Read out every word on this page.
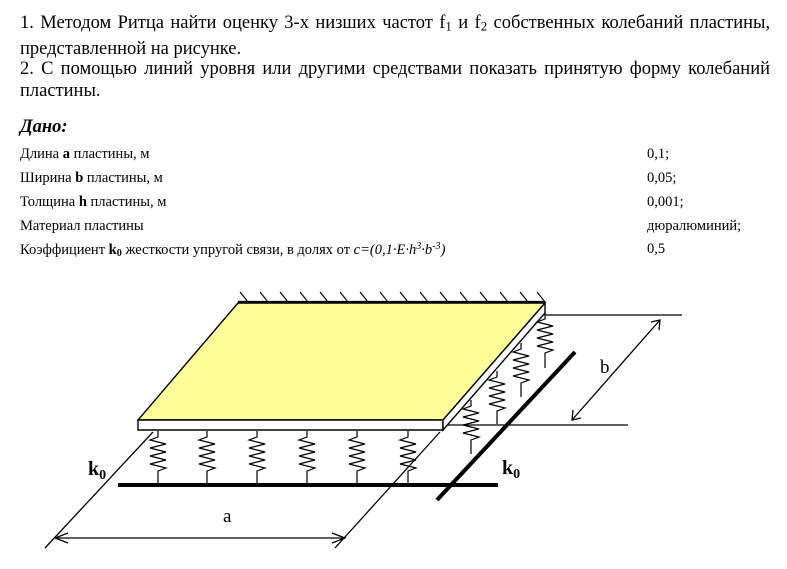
1. Методом Ритца найти оценку 3-х низших частот $f_1$ и $f_2$ собственных колебаний пластины, представленной на рисунке.
2. С помощью линий уровня или другими средствами показать принятую форму колебаний пластины.
Дано:
Длина a пластины, м	0,1;
Ширина b пластины, м	0,05;
Толщина h пластины, м	0,001;
Материал пластины	дюралюминий;
Коэффициент k0 жесткости упругой связи, в долях от $c=(0,1\cdot E\cdot h^3\cdot b^{-3})$	0,5
$k_0$	$k_0$
a
b
